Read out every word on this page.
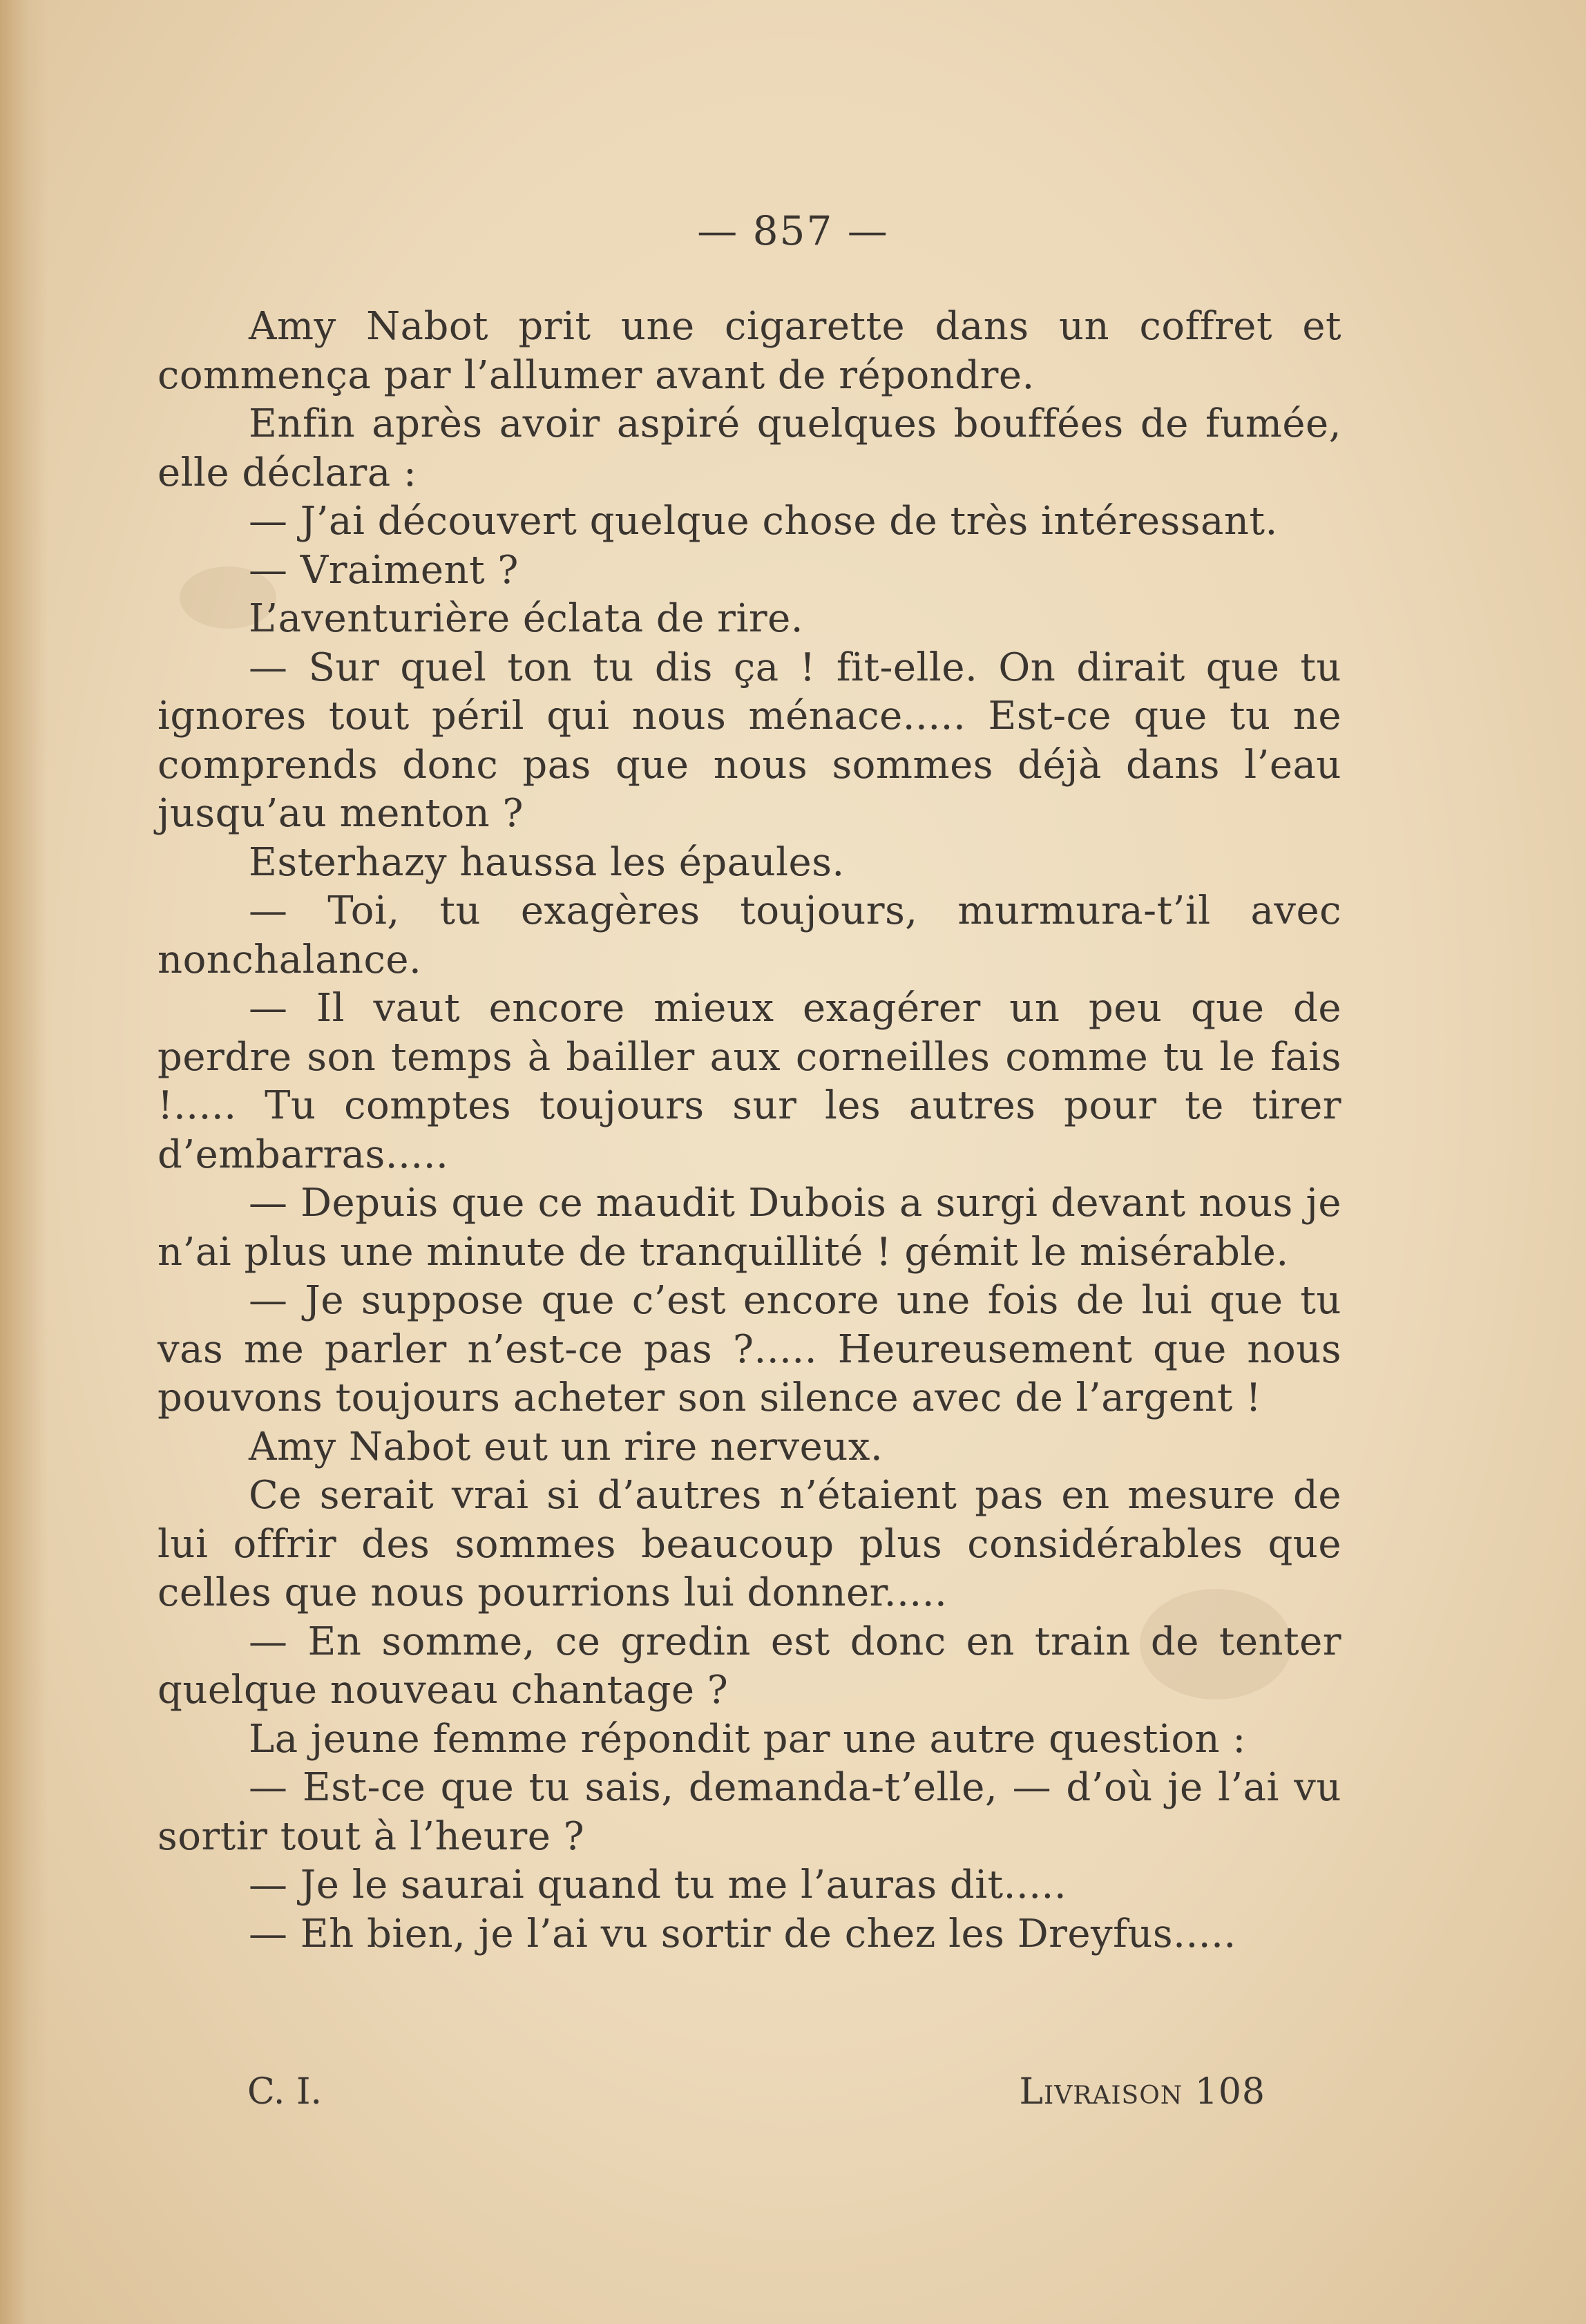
— 857 —

Amy Nabot prit une cigarette dans un coffret et commença par l’allumer avant de répondre.

Enfin après avoir aspiré quelques bouffées de fumée, elle déclara :

— J’ai découvert quelque chose de très intéressant.

— Vraiment ?

L’aventurière éclata de rire.

— Sur quel ton tu dis ça ! fit-elle. On dirait que tu ignores tout péril qui nous ménace..... Est-ce que tu ne comprends donc pas que nous sommes déjà dans l’eau jusqu’au menton ?

Esterhazy haussa les épaules.

— Toi, tu exagères toujours, murmura-t’il avec nonchalance.

— Il vaut encore mieux exagérer un peu que de perdre son temps à bailler aux corneilles comme tu le fais !..... Tu comptes toujours sur les autres pour te tirer d’embarras.....

— Depuis que ce maudit Dubois a surgi devant nous je n’ai plus une minute de tranquillité ! gémit le misérable.

— Je suppose que c’est encore une fois de lui que tu vas me parler n’est-ce pas ?..... Heureusement que nous pouvons toujours acheter son silence avec de l’argent !

Amy Nabot eut un rire nerveux.

Ce serait vrai si d’autres n’étaient pas en mesure de lui offrir des sommes beaucoup plus considérables que celles que nous pourrions lui donner.....

— En somme, ce gredin est donc en train de tenter quelque nouveau chantage ?

La jeune femme répondit par une autre question :

— Est-ce que tu sais, demanda-t’elle, — d’où je l’ai vu sortir tout à l’heure ?

— Je le saurai quand tu me l’auras dit.....

— Eh bien, je l’ai vu sortir de chez les Dreyfus.....

C. I.	Livraison 108
